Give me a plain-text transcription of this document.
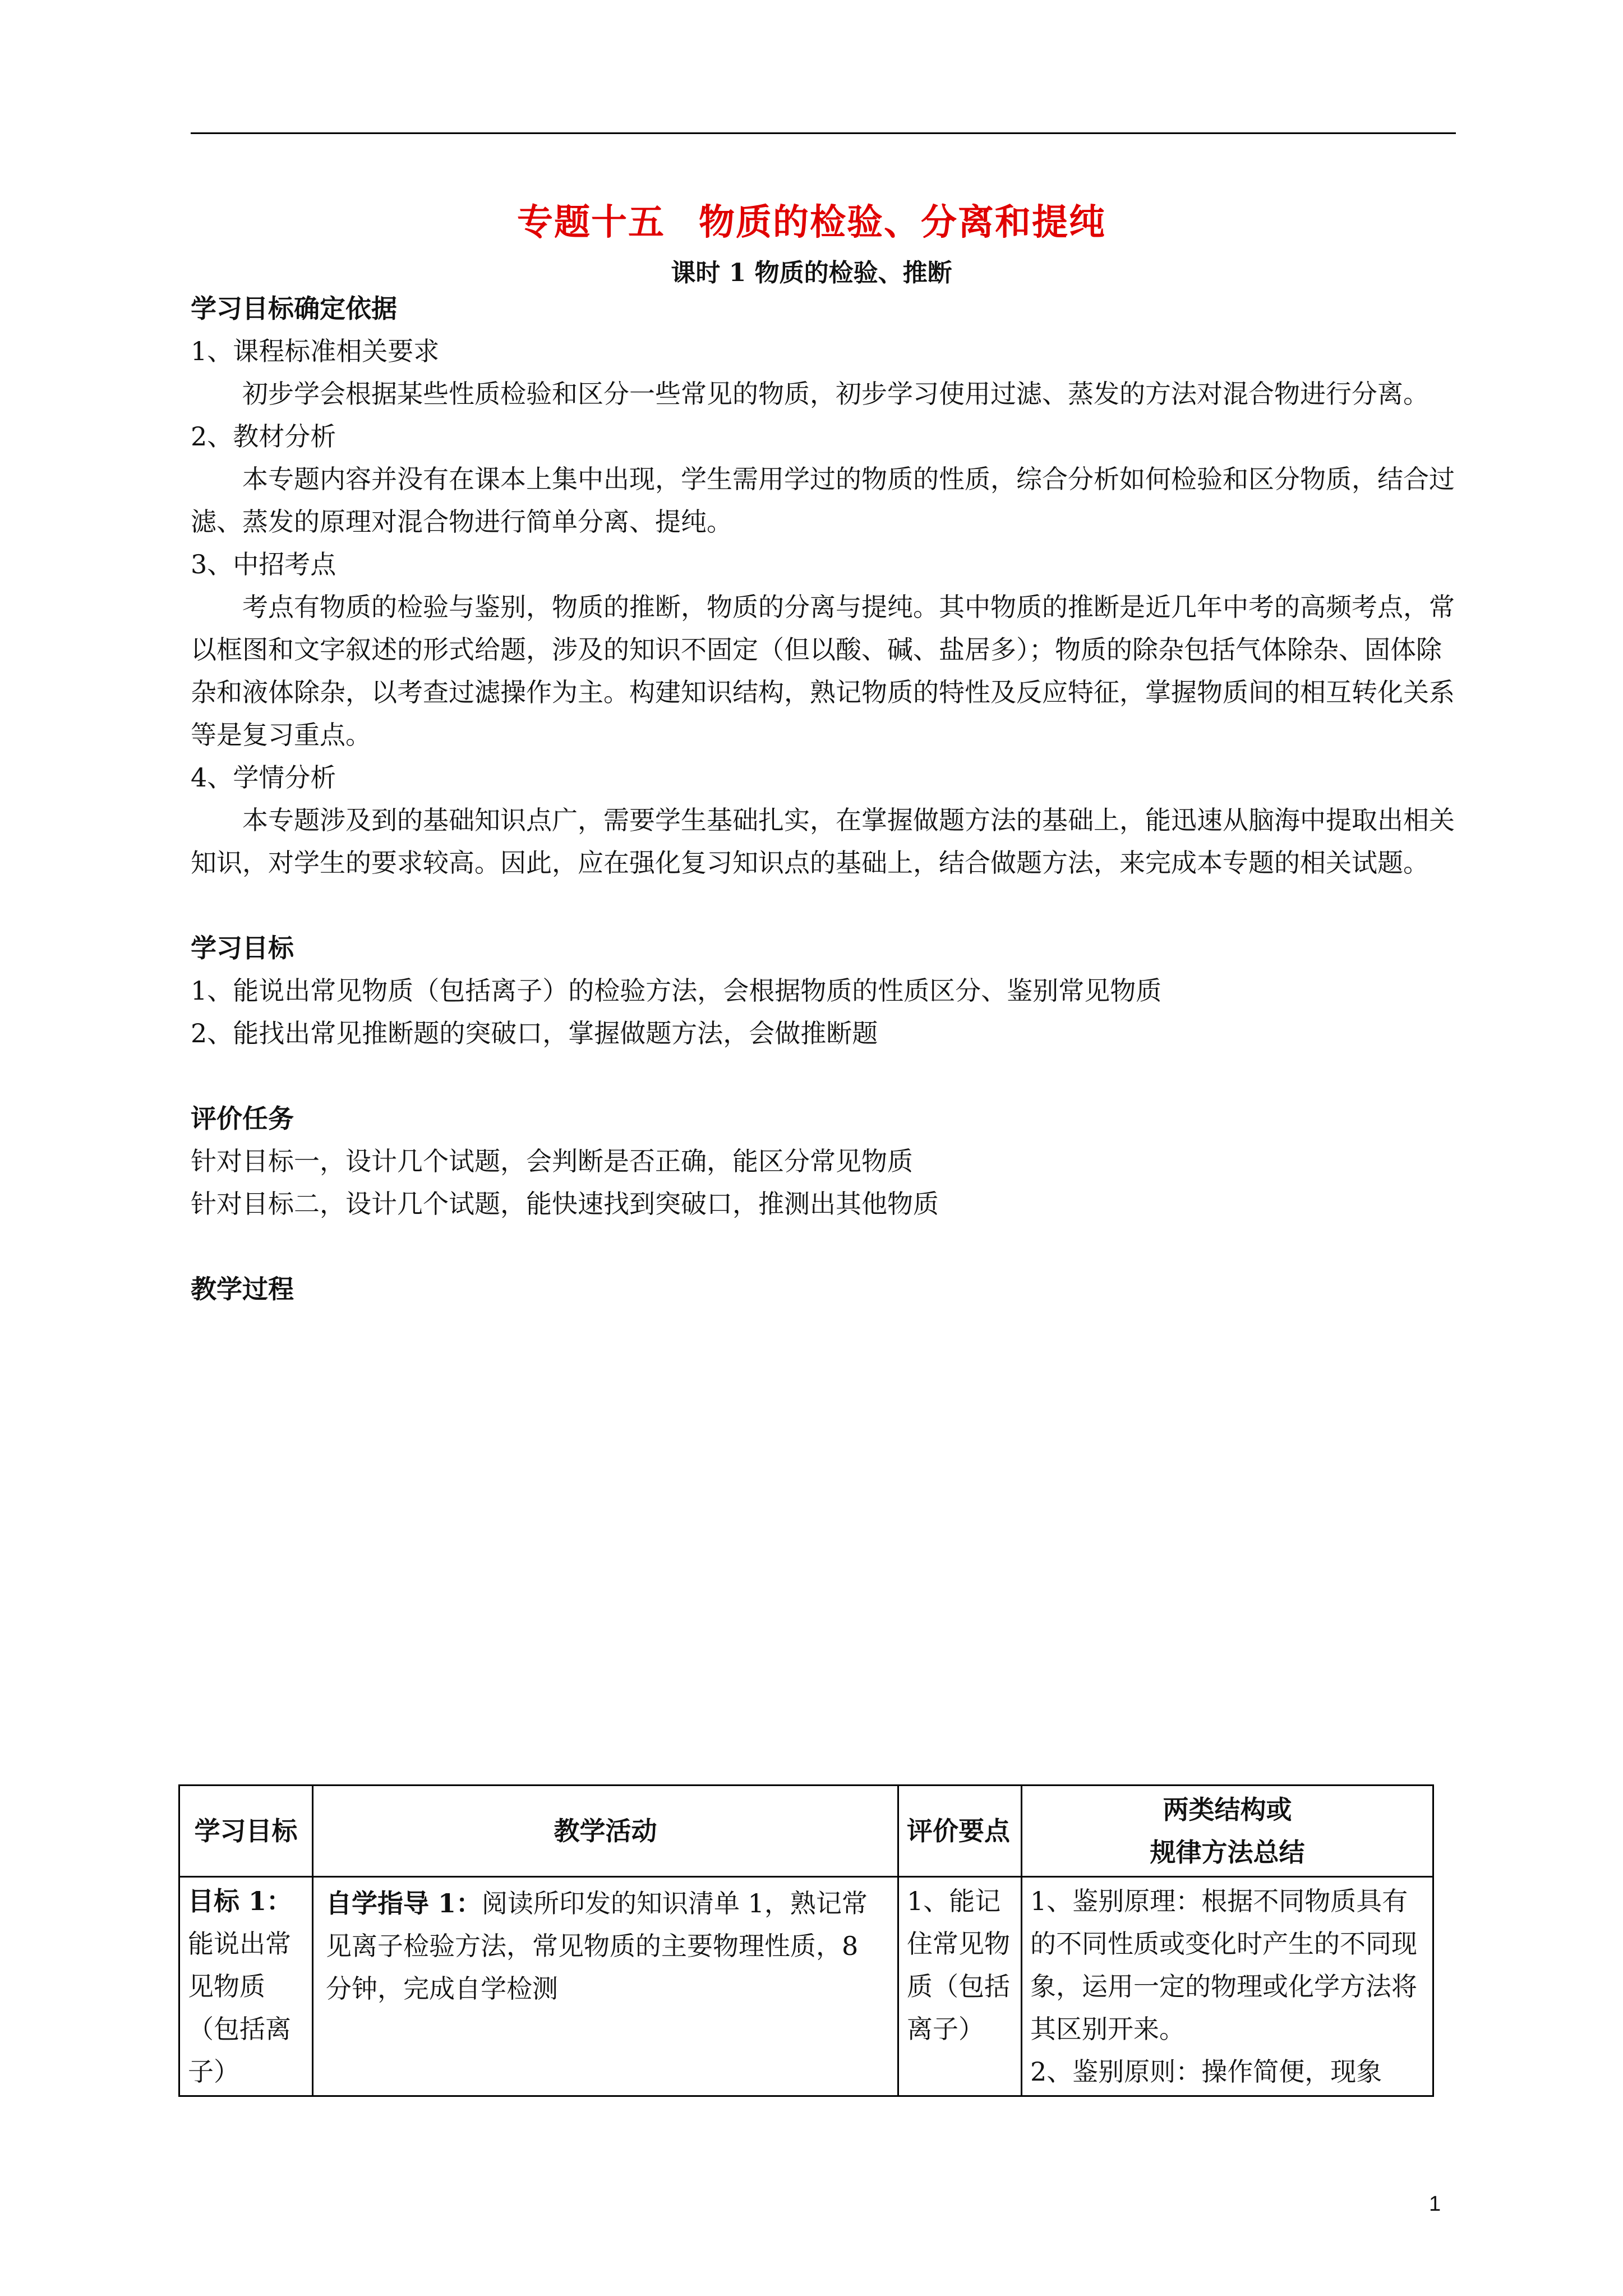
专题十五 物质的检验、分离和提纯
课时 1 物质的检验、推断

学习目标确定依据

1、课程标准相关要求

初步学会根据某些性质检验和区分一些常见的物质，初步学习使用过滤、蒸发的方法对混合物进行分离。

2、教材分析

本专题内容并没有在课本上集中出现，学生需用学过的物质的性质，综合分析如何检验和区分物质，结合过滤、蒸发的原理对混合物进行简单分离、提纯。

3、中招考点

考点有物质的检验与鉴别，物质的推断，物质的分离与提纯。其中物质的推断是近几年中考的高频考点，常以框图和文字叙述的形式给题，涉及的知识不固定（但以酸、碱、盐居多）；物质的除杂包括气体除杂、固体除杂和液体除杂，以考查过滤操作为主。构建知识结构，熟记物质的特性及反应特征，掌握物质间的相互转化关系等是复习重点。

4、学情分析

本专题涉及到的基础知识点广，需要学生基础扎实，在掌握做题方法的基础上，能迅速从脑海中提取出相关知识，对学生的要求较高。因此，应在强化复习知识点的基础上，结合做题方法，来完成本专题的相关试题。

学习目标

1、能说出常见物质（包括离子）的检验方法，会根据物质的性质区分、鉴别常见物质

2、能找出常见推断题的突破口，掌握做题方法，会做推断题

评价任务

针对目标一，设计几个试题，会判断是否正确，能区分常见物质

针对目标二，设计几个试题，能快速找到突破口，推测出其他物质

教学过程

学习目标	教学活动	评价要点	两类结构或
规律方法总结
目标 1：能说出常见物质（包括离子）	自学指导 1：阅读所印发的知识清单 1，熟记常见离子检验方法，常见物质的主要物理性质，8 分钟，完成自学检测	1、能记住常见物质（包括离子）	1、鉴别原理：根据不同物质具有的不同性质或变化时产生的不同现象，运用一定的物理或化学方法将其区别开来。
2、鉴别原则：操作简便，现象
1
